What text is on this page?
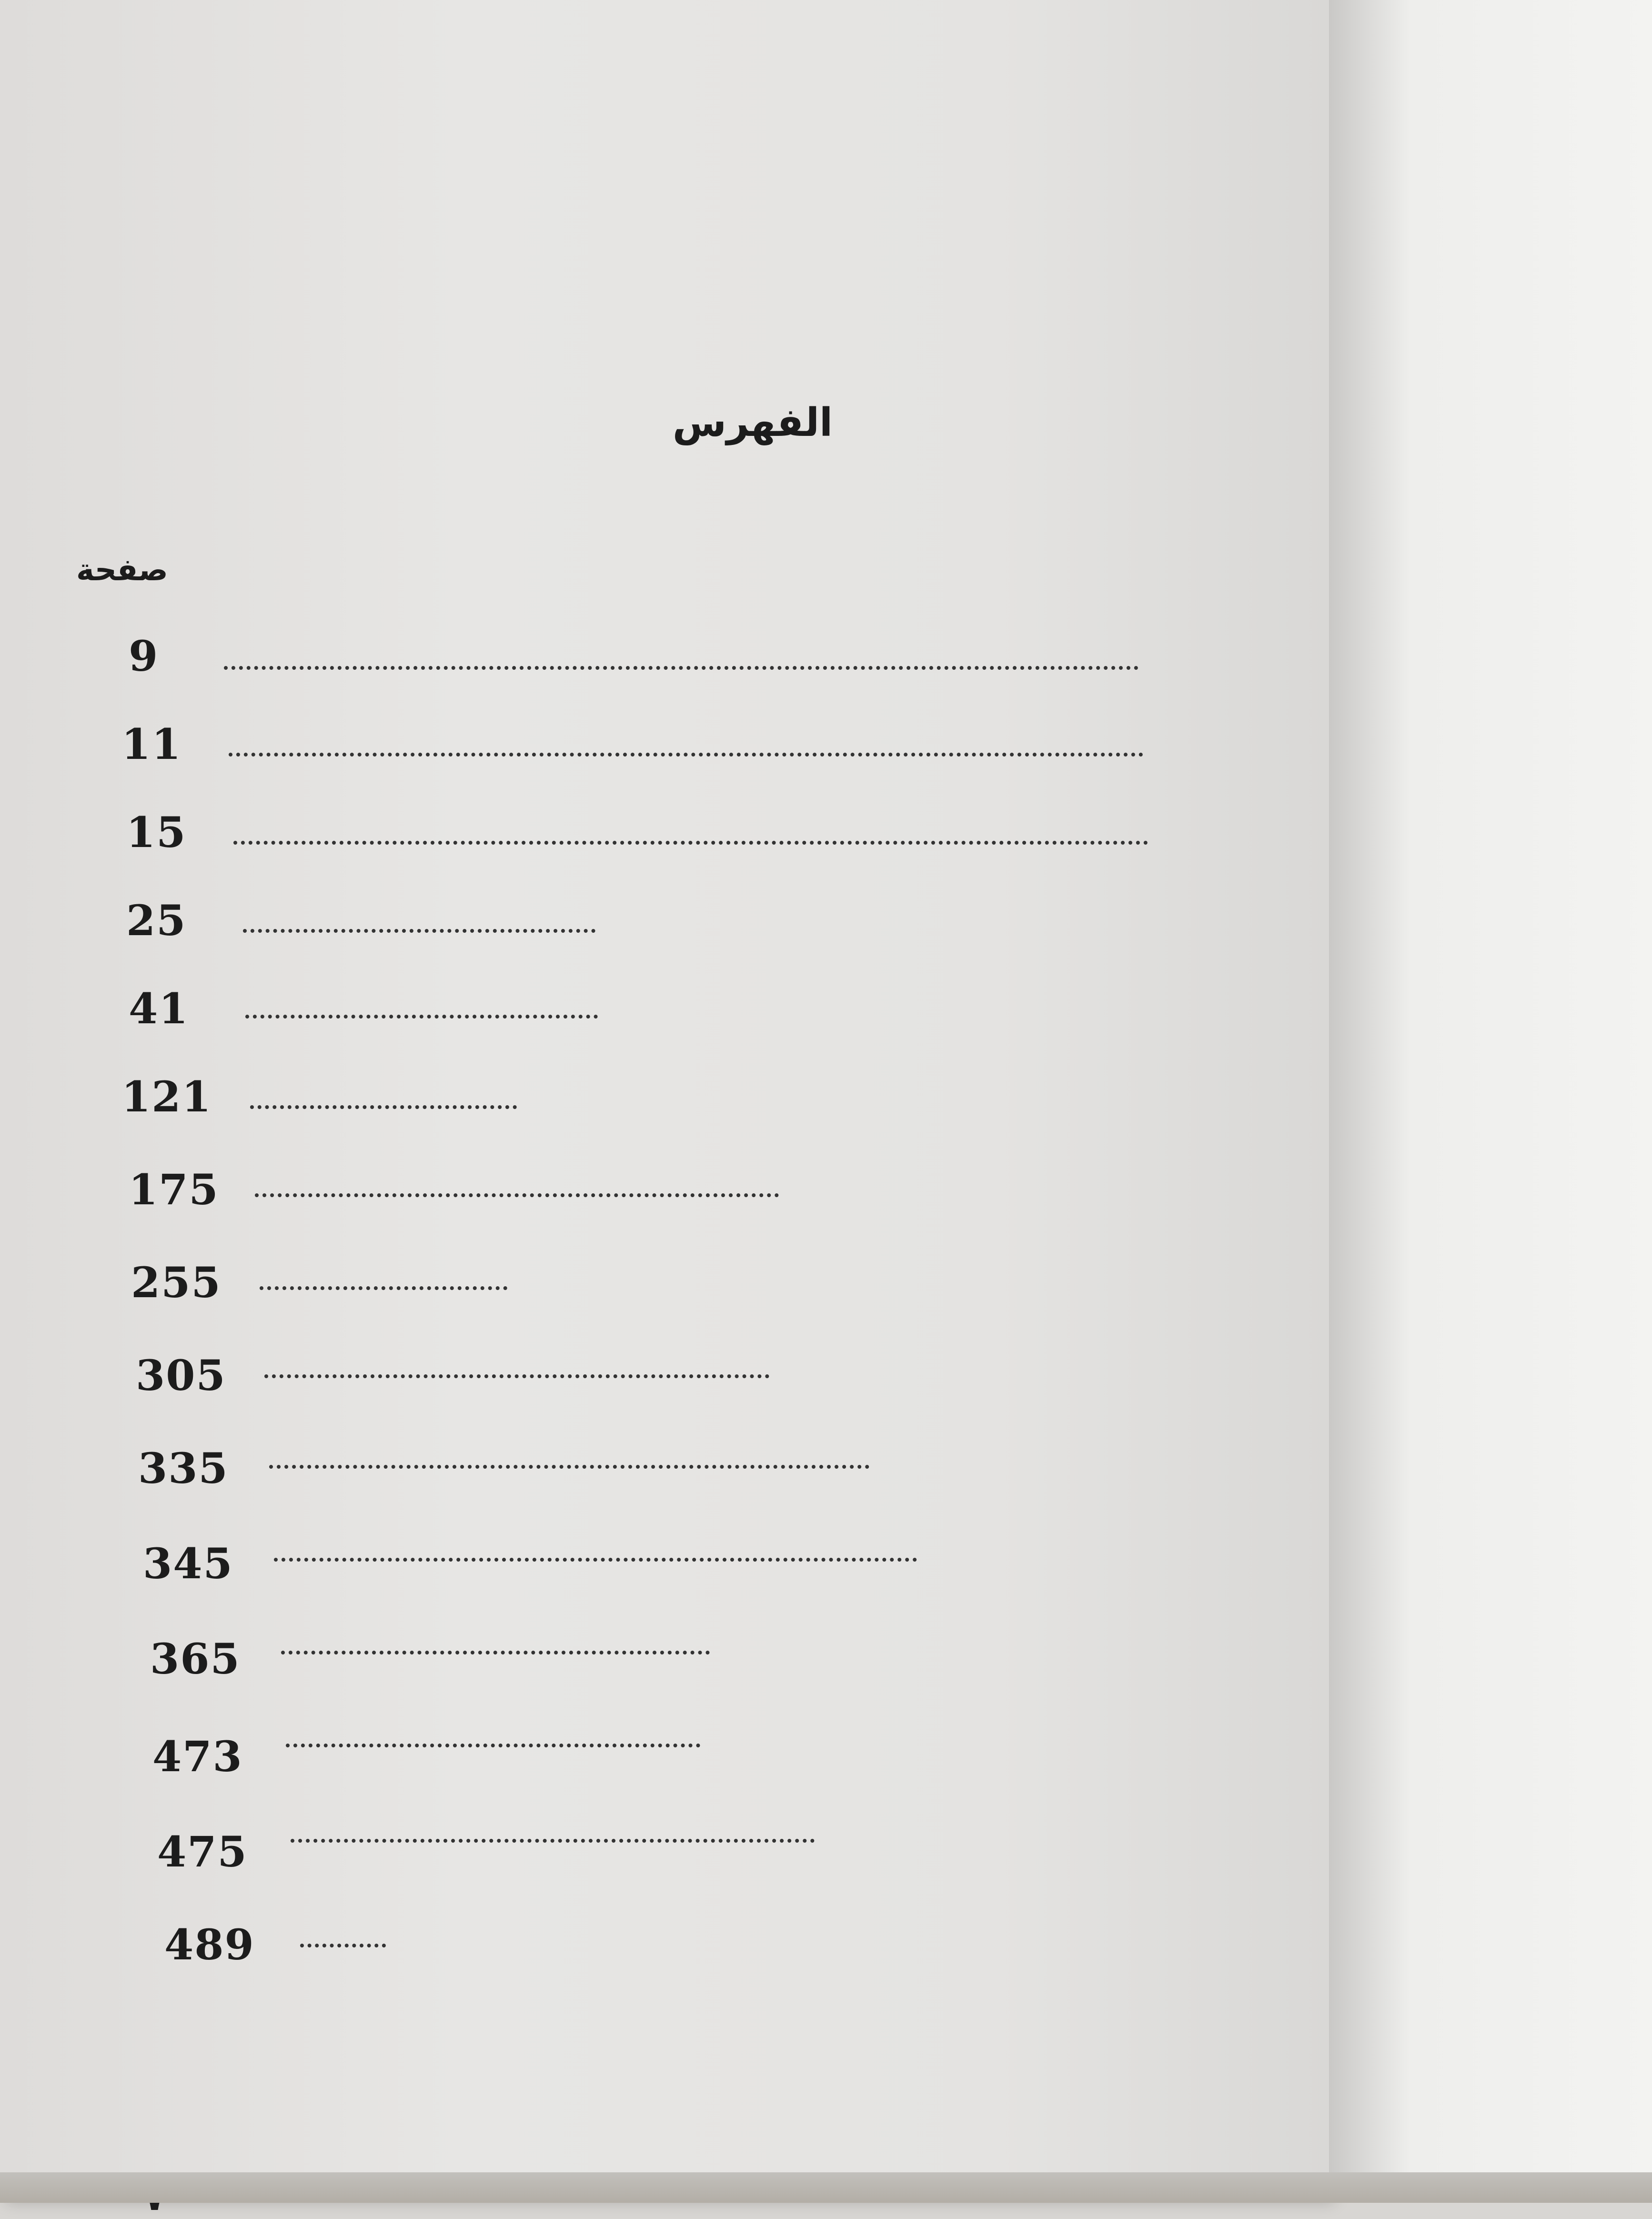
الفهرس
صفحة
9
11
15
25
41
121
175
255
305
335
345
365
473
475
489
